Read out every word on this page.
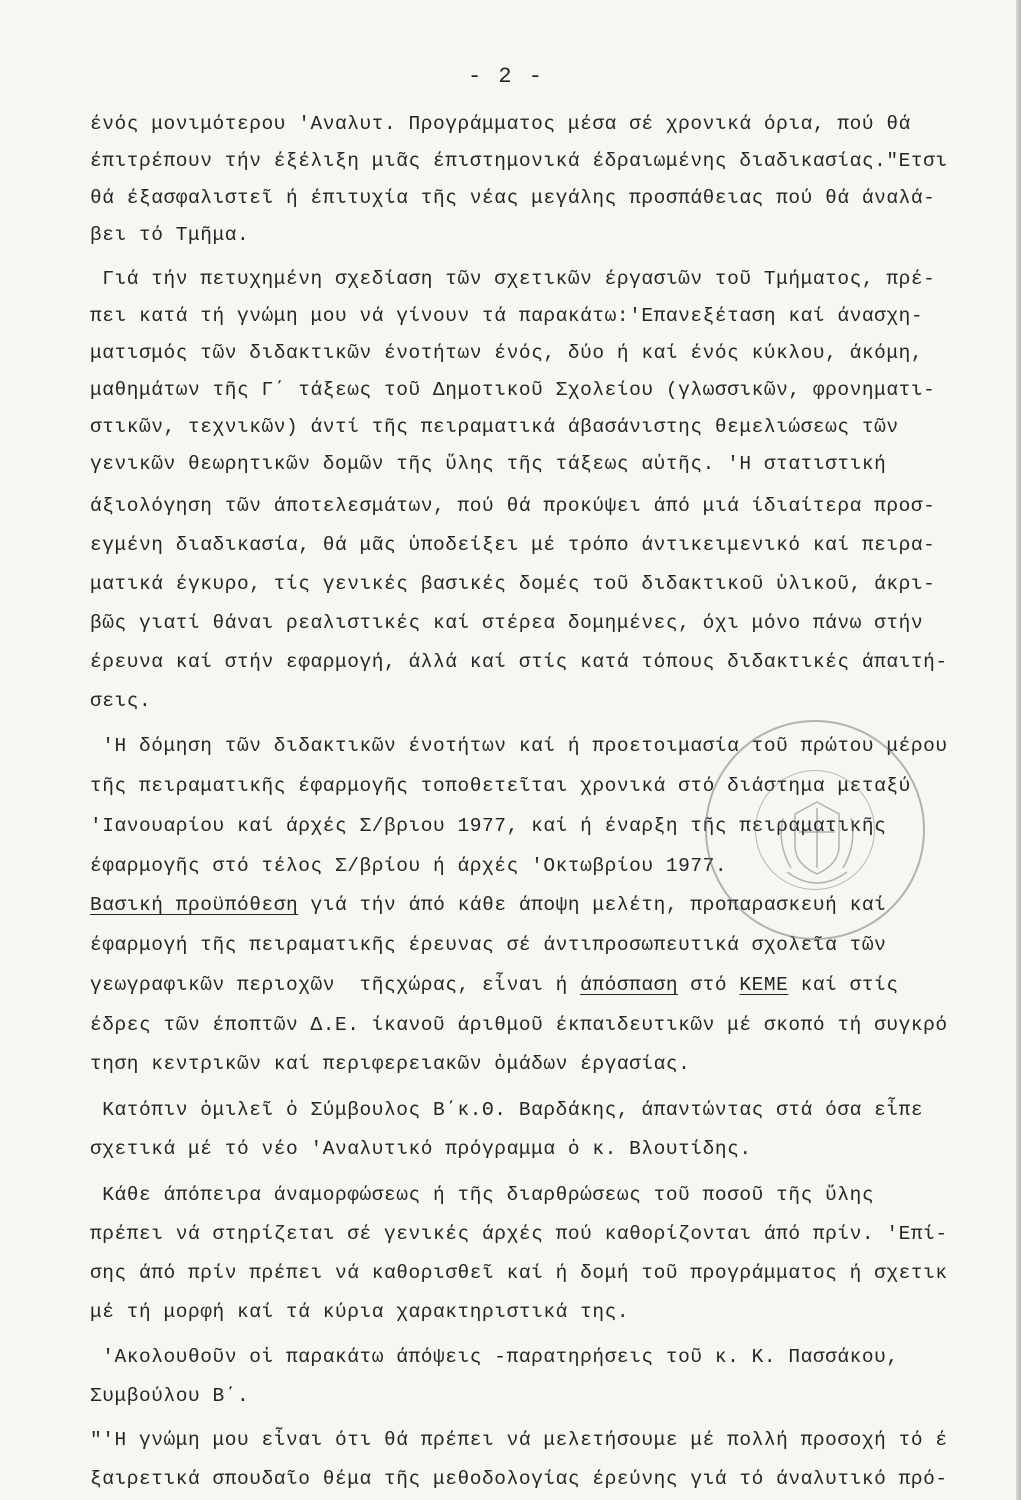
- 2 -
ένός μονιμότερου 'Αναλυτ. Προγράμματος μέσα σέ χρονικά όρια, πού θά
έπιτρέπουν τήν έξέλιξη μιᾶς έπιστημονικά έδραιωμένης διαδικασίας."Ετσι
θά έξασφαλιστεῖ ή έπιτυχία τῆς νέας μεγάλης προσπάθειας πού θά άναλά-
βει τό Τμῆμα.
Γιά τήν πετυχημένη σχεδίαση τῶν σχετικῶν έργασιῶν τοῦ Τμήματος, πρέ-
πει κατά τή γνώμη μου νά γίνουν τά παρακάτω:'Επανεξέταση καί άνασχη-
ματισμός τῶν διδακτικῶν ένοτήτων ένός, δύο ή καί ένός κύκλου, άκόμη,
μαθημάτων τῆς Γ΄ τάξεως τοῦ Δημοτικοῦ Σχολείου (γλωσσικῶν, φρονηματι-
στικῶν, τεχνικῶν) άντί τῆς πειραματικά άβασάνιστης θεμελιώσεως τῶν
γενικῶν θεωρητικῶν δομῶν τῆς ὕλης τῆς τάξεως αὐτῆς. 'Η στατιστική
άξιολόγηση τῶν άποτελεσμάτων, πού θά προκύψει άπό μιά ίδιαίτερα προσ-
εγμένη διαδικασία, θά μᾶς ὑποδείξει μέ τρόπο άντικειμενικό καί πειρα-
ματικά έγκυρο, τίς γενικές βασικές δομές τοῦ διδακτικοῦ ὑλικοῦ, άκρι-
βῶς γιατί θάναι ρεαλιστικές καί στέρεα δομημένες, όχι μόνο πάνω στήν
έρευνα καί στήν εφαρμογή, άλλά καί στίς κατά τόπους διδακτικές άπαιτή-
σεις.
'Η δόμηση τῶν διδακτικῶν ένοτήτων καί ή προετοιμασία τοῦ πρώτου μέρου
τῆς πειραματικῆς έφαρμογῆς τοποθετεῖται χρονικά στό διάστημα μεταξύ
'Ιανουαρίου καί άρχές Σ/βριου 1977, καί ή έναρξη τῆς πειραματικῆς
έφαρμογῆς στό τέλος Σ/βρίου ή άρχές 'Οκτωβρίου 1977.
Βασική προϋπόθεση γιά τήν άπό κάθε άποψη μελέτη, προπαρασκευή καί
έφαρμογή τῆς πειραματικῆς έρευνας σέ άντιπροσωπευτικά σχολεῖα τῶν
γεωγραφικῶν περιοχῶν  τῆςχώρας, εἶναι ή άπόσπαση στό ΚΕΜΕ καί στίς
έδρες τῶν έποπτῶν Δ.Ε. ίκανοῦ άριθμοῦ έκπαιδευτικῶν μέ σκοπό τή συγκρό
τηση κεντρικῶν καί περιφερειακῶν ὁμάδων έργασίας.
Κατόπιν ὁμιλεῖ ὁ Σύμβουλος Β΄κ.Θ. Βαρδάκης, άπαντώντας στά όσα εἶπε
σχετικά μέ τό νέο 'Αναλυτικό πρόγραμμα ὁ κ. Βλουτίδης.
Κάθε άπόπειρα άναμορφώσεως ή τῆς διαρθρώσεως τοῦ ποσοῦ τῆς ὕλης
πρέπει νά στηρίζεται σέ γενικές άρχές πού καθορίζονται άπό πρίν. 'Επί-
σης άπό πρίν πρέπει νά καθορισθεῖ καί ή δομή τοῦ προγράμματος ή σχετικ
μέ τή μορφή καί τά κύρια χαρακτηριστικά της.
'Ακολουθοῦν οἱ παρακάτω άπόψεις -παρατηρήσεις τοῦ κ. Κ. Πασσάκου,
Συμβούλου Β΄.
"'Η γνώμη μου εἶναι ότι θά πρέπει νά μελετήσουμε μέ πολλή προσοχή τό έ
ξαιρετικά σπουδαῖο θέμα τῆς μεθοδολογίας έρεύνης γιά τό άναλυτικό πρό-
